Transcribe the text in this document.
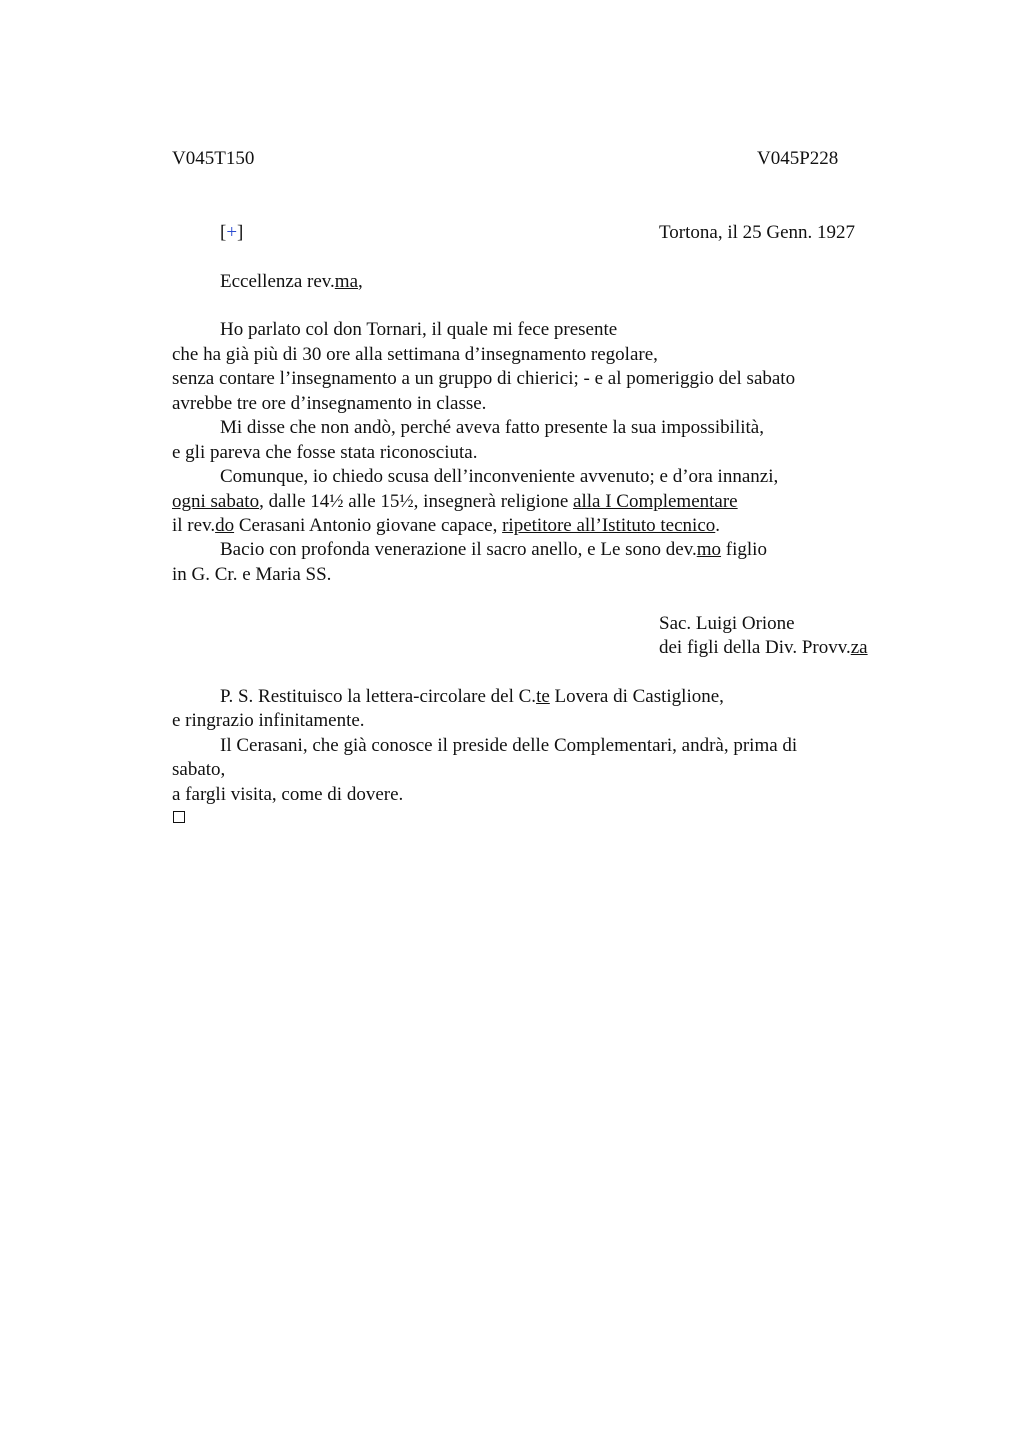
V045T150	V045P228
[+]	Tortona, il 25 Genn. 1927
Eccellenza rev.ma,
Ho parlato col don Tornari, il quale mi fece presente
che ha già più di 30 ore alla settimana d’insegnamento regolare,
senza contare l’insegnamento a un gruppo di chierici; - e al pomeriggio del sabato
avrebbe tre ore d’insegnamento in classe.
Mi disse che non andò, perché aveva fatto presente la sua impossibilità,
e gli pareva che fosse stata riconosciuta.
Comunque, io chiedo scusa dell’inconveniente avvenuto; e d’ora innanzi,
ogni sabato, dalle 14½ alle 15½, insegnerà religione alla I Complementare
il rev.do Cerasani Antonio giovane capace, ripetitore all’Istituto tecnico.
Bacio con profonda venerazione il sacro anello, e Le sono dev.mo figlio
in G. Cr. e Maria SS.
Sac. Luigi Orione
dei figli della Div. Provv.za
P. S. Restituisco la lettera-circolare del C.te Lovera di Castiglione,
e ringrazio infinitamente.
Il Cerasani, che già conosce il preside delle Complementari, andrà, prima di
sabato,
a fargli visita, come di dovere.
